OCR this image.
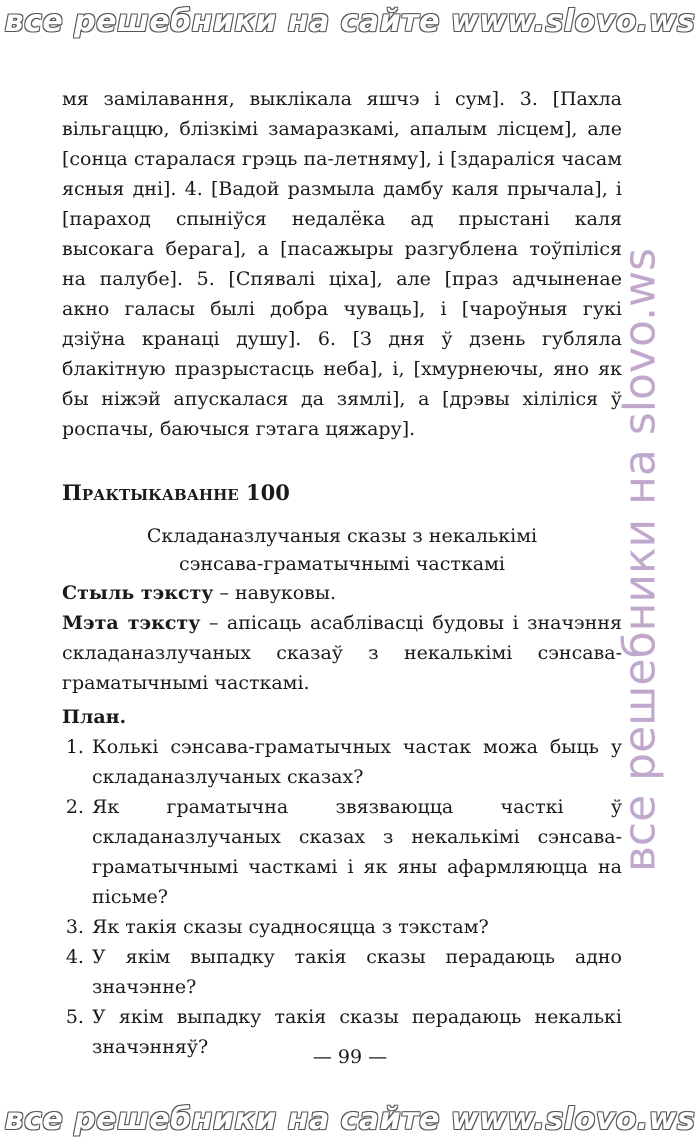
все решебники на сайте www.slovo.ws
все решебники на slovo.ws

мя замілавання, выклікала яшчэ і сум]. 3. [Пахла вільгаццю, блізкімі замаразкамі, апалым лісцем], але [сонца старалася грэць па-летняму], і [здараліся часам ясныя дні]. 4. [Вадой размыла дамбу каля прычала], і [параход спыніўся недалёка ад прыстані каля высокага берага], а [пасажыры разгублена тоўпіліся на палубе]. 5. [Спявалі ціха], але [праз адчыненае акно галасы былі добра чуваць], і [чароўныя гукі дзіўна кранаці душу]. 6. [З дня ў дзень губляла блакітную празрыстасць неба], і, [хмурнеючы, яно як бы ніжэй апускалася да зямлі], а [дрэвы хіліліся ў роспачы, баючыся гэтага цяжару].

Практыкаванне 100

Складаназлучаныя сказы з некалькімі

сэнсава-граматычнымі часткамі

Стыль тэксту – навуковы.

Мэта тэксту – апісаць асаблівасці будовы і значэння складаназлучаных сказаў з некалькімі сэнсава-граматычнымі часткамі.

План.

1. Колькі сэнсава-граматычных частак можа быць у складаназлучаных сказах?
2. Як граматычна звязваюцца часткі ў складаназлучаных сказах з некалькімі сэнсава-граматычнымі часткамі і як яны афармляюцца на пісьме?
3. Як такія сказы суадносяцца з тэкстам?
4. У якім выпадку такія сказы перадаюць адно значэнне?
5. У якім выпадку такія сказы перадаюць некалькі значэнняў?	— 99 —
все решебники на сайте www.slovo.ws
